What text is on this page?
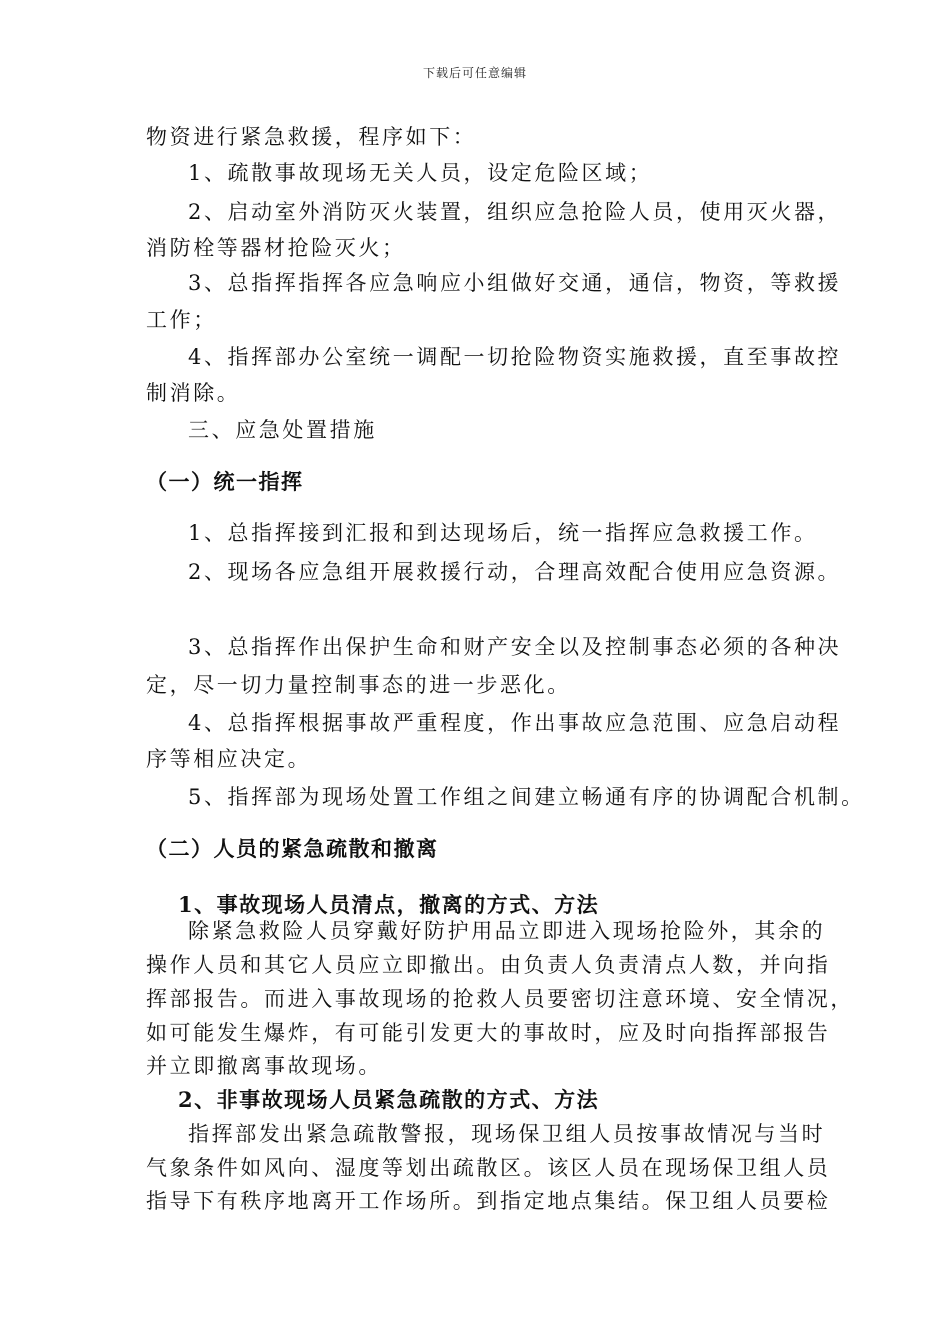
下载后可任意编辑
物资进行紧急救援，程序如下：
1、疏散事故现场无关人员，设定危险区域；
2、启动室外消防灭火装置，组织应急抢险人员，使用灭火器，
消防栓等器材抢险灭火；
3、总指挥指挥各应急响应小组做好交通，通信，物资，等救援
工作；
4、指挥部办公室统一调配一切抢险物资实施救援，直至事故控
制消除。
三、应急处置措施
（一）统一指挥
1、总指挥接到汇报和到达现场后，统一指挥应急救援工作。
2、现场各应急组开展救援行动，合理高效配合使用应急资源。
3、总指挥作出保护生命和财产安全以及控制事态必须的各种决
定，尽一切力量控制事态的进一步恶化。
4、总指挥根据事故严重程度，作出事故应急范围、应急启动程
序等相应决定。
5、指挥部为现场处置工作组之间建立畅通有序的协调配合机制。
（二）人员的紧急疏散和撤离
1、事故现场人员清点，撤离的方式、方法
除紧急救险人员穿戴好防护用品立即进入现场抢险外，其余的
操作人员和其它人员应立即撤出。由负责人负责清点人数，并向指
挥部报告。而进入事故现场的抢救人员要密切注意环境、安全情况，
如可能发生爆炸，有可能引发更大的事故时，应及时向指挥部报告
并立即撤离事故现场。
2、非事故现场人员紧急疏散的方式、方法
指挥部发出紧急疏散警报，现场保卫组人员按事故情况与当时
气象条件如风向、湿度等划出疏散区。该区人员在现场保卫组人员
指导下有秩序地离开工作场所。到指定地点集结。保卫组人员要检
